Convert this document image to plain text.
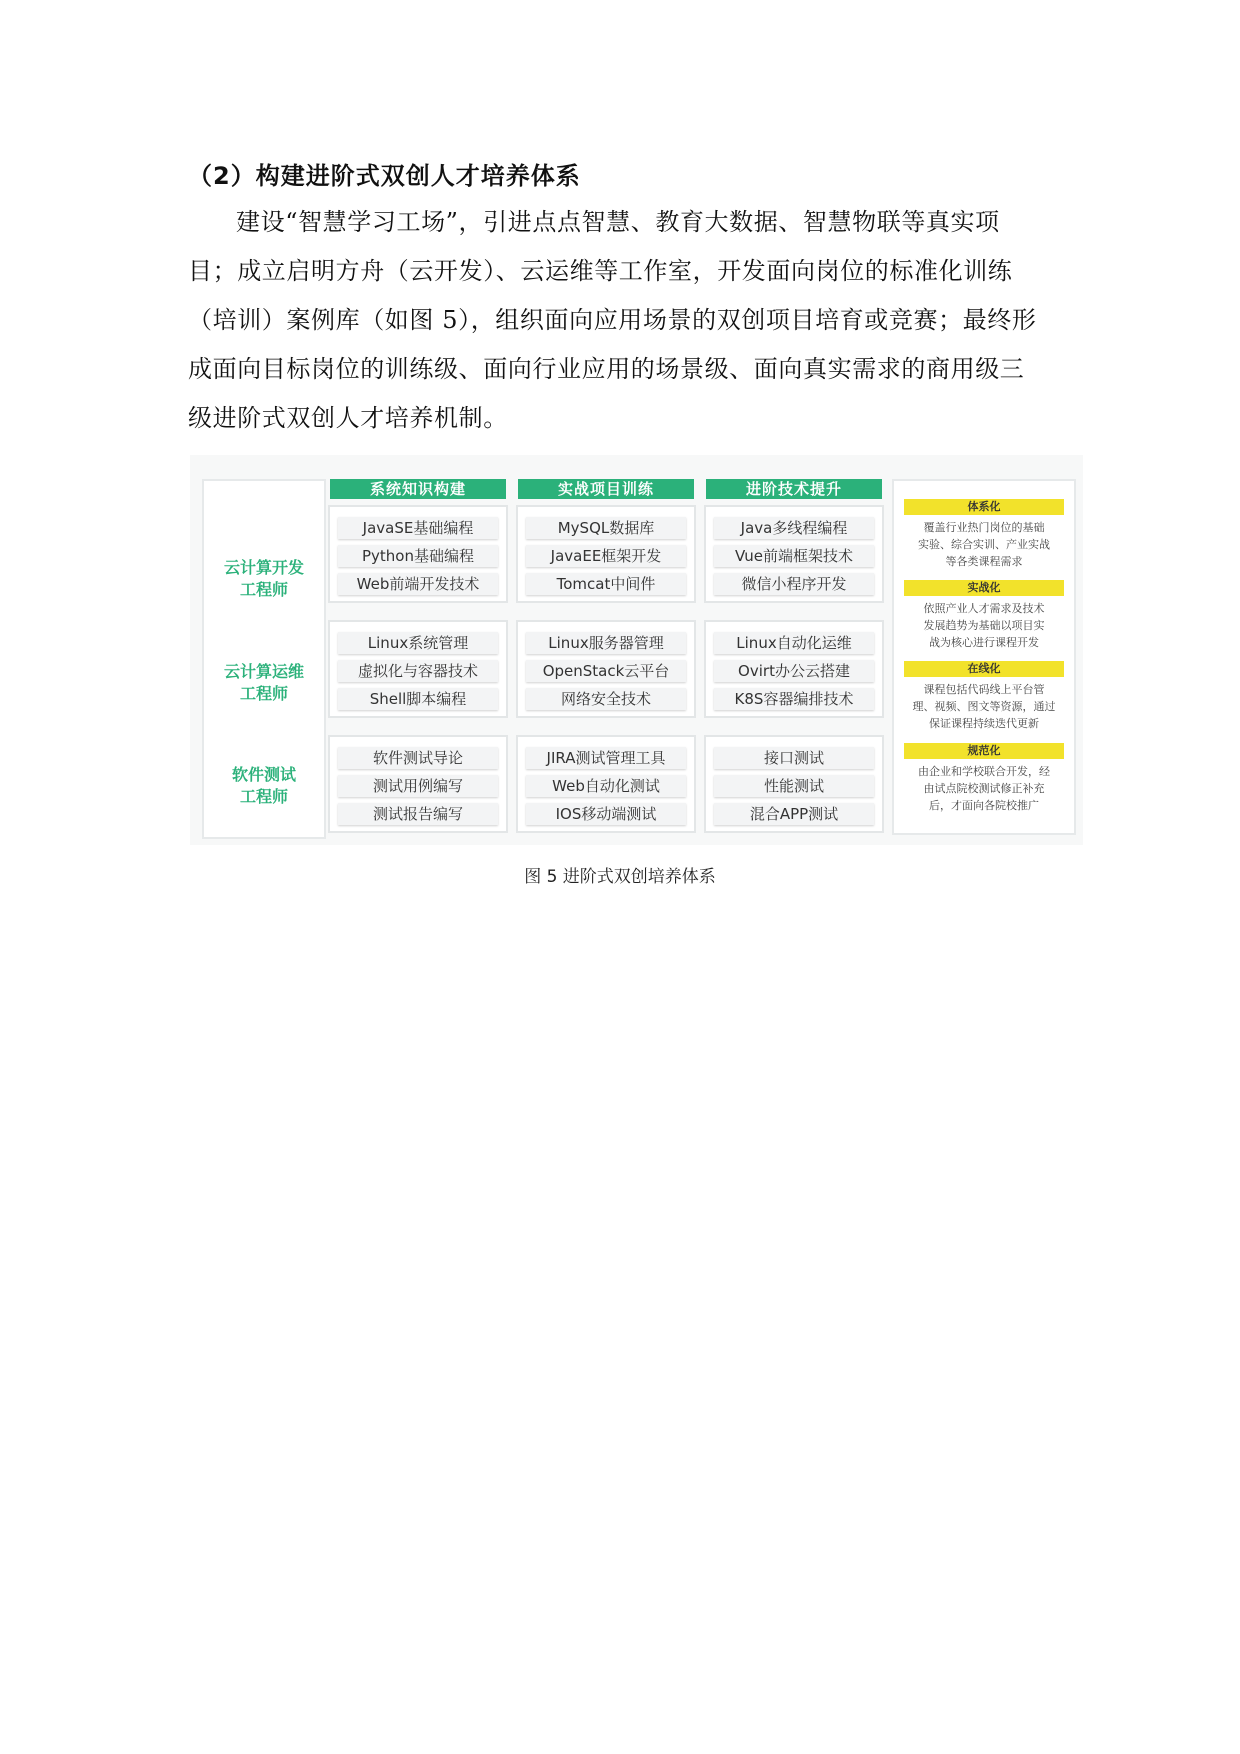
（2）构建进阶式双创人才培养体系
建设“智慧学习工场”，引进点点智慧、教育大数据、智慧物联等真实项目；成立启明方舟（云开发）、云运维等工作室，开发面向岗位的标准化训练（培训）案例库（如图 5），组织面向应用场景的双创项目培育或竞赛；最终形成面向目标岗位的训练级、面向行业应用的场景级、面向真实需求的商用级三级进阶式双创人才培养机制。
云计算开发
工程师
云计算运维
工程师
软件测试
工程师
系统知识构建	实战项目训练	进阶技术提升
JavaSE基础编程
Python基础编程
Web前端开发技术
MySQL数据库
JavaEE框架开发
Tomcat中间件
Java多线程编程
Vue前端框架技术
微信小程序开发
Linux系统管理
虚拟化与容器技术
Shell脚本编程
Linux服务器管理
OpenStack云平台
网络安全技术
Linux自动化运维
Ovirt办公云搭建
K8S容器编排技术
软件测试导论
测试用例编写
测试报告编写
JIRA测试管理工具
Web自动化测试
IOS移动端测试
接口测试
性能测试
混合APP测试
体系化
覆盖行业热门岗位的基础
实验、综合实训、产业实战
等各类课程需求
实战化
依照产业人才需求及技术
发展趋势为基础以项目实
战为核心进行课程开发
在线化
课程包括代码线上平台管
理、视频、图文等资源，通过
保证课程持续迭代更新
规范化
由企业和学校联合开发，经
由试点院校测试修正补充
后，才面向各院校推广
图 5 进阶式双创培养体系
